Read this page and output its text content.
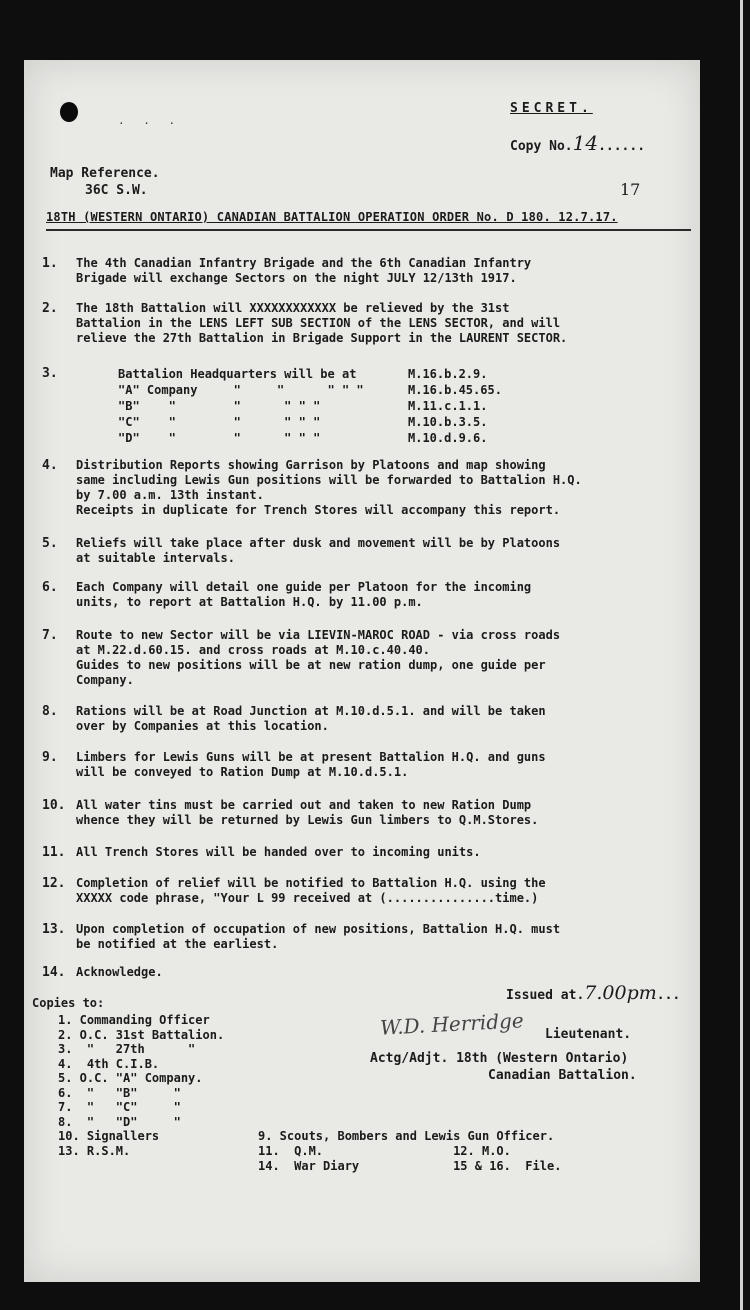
. . .
SECRET.
Copy No.14......
Map Reference.
36C S.W.	17
18TH (WESTERN ONTARIO) CANADIAN BATTALION OPERATION ORDER No. D 180. 12.7.17.
1. The 4th Canadian Infantry Brigade and the 6th Canadian Infantry
Brigade will exchange Sectors on the night JULY 12/13th 1917.
2. The 18th Battalion will XXXXXXXXXXXX be relieved by the 31st
Battalion in the LENS LEFT SUB SECTION of the LENS SECTOR, and will
relieve the 27th Battalion in Brigade Support in the LAURENT SECTOR.
3.	Battalion Headquarters will be at	M.16.b.2.9.
"A" Company     "     "      " " "	M.16.b.45.65.
"B"    "        "      " " "	M.11.c.1.1.
"C"    "        "      " " "	M.10.b.3.5.
"D"    "        "      " " "	M.10.d.9.6.
4. Distribution Reports showing Garrison by Platoons and map showing
same including Lewis Gun positions will be forwarded to Battalion H.Q.
by 7.00 a.m. 13th instant.
Receipts in duplicate for Trench Stores will accompany this report.
5. Reliefs will take place after dusk and movement will be by Platoons
at suitable intervals.
6. Each Company will detail one guide per Platoon for the incoming
units, to report at Battalion H.Q. by 11.00 p.m.
7. Route to new Sector will be via LIEVIN-MAROC ROAD - via cross roads
at M.22.d.60.15. and cross roads at M.10.c.40.40.
Guides to new positions will be at new ration dump, one guide per
Company.
8. Rations will be at Road Junction at M.10.d.5.1. and will be taken
over by Companies at this location.
9. Limbers for Lewis Guns will be at present Battalion H.Q. and guns
will be conveyed to Ration Dump at M.10.d.5.1.
10. All water tins must be carried out and taken to new Ration Dump
whence they will be returned by Lewis Gun limbers to Q.M.Stores.
11. All Trench Stores will be handed over to incoming units.
12. Completion of relief will be notified to Battalion H.Q. using the
XXXXX code phrase, "Your L 99 received at (...............time.)
13. Upon completion of occupation of new positions, Battalion H.Q. must
be notified at the earliest.
14. Acknowledge.
Issued at.7.00pm...
W.D. Herridge Lieutenant.
Actg/Adjt. 18th (Western Ontario)
Canadian Battalion.
Copies to:
1. Commanding Officer
2. O.C. 31st Battalion.
3.  "   27th      "
4.  4th C.I.B.
5. O.C. "A" Company.
6.  "   "B"     "
7.  "   "C"     "
8.  "   "D"     "
10. Signallers
13. R.S.M.
9. Scouts, Bombers and Lewis Gun Officer.
11.  Q.M.                  12. M.O.
14.  War Diary             15 & 16.  File.
